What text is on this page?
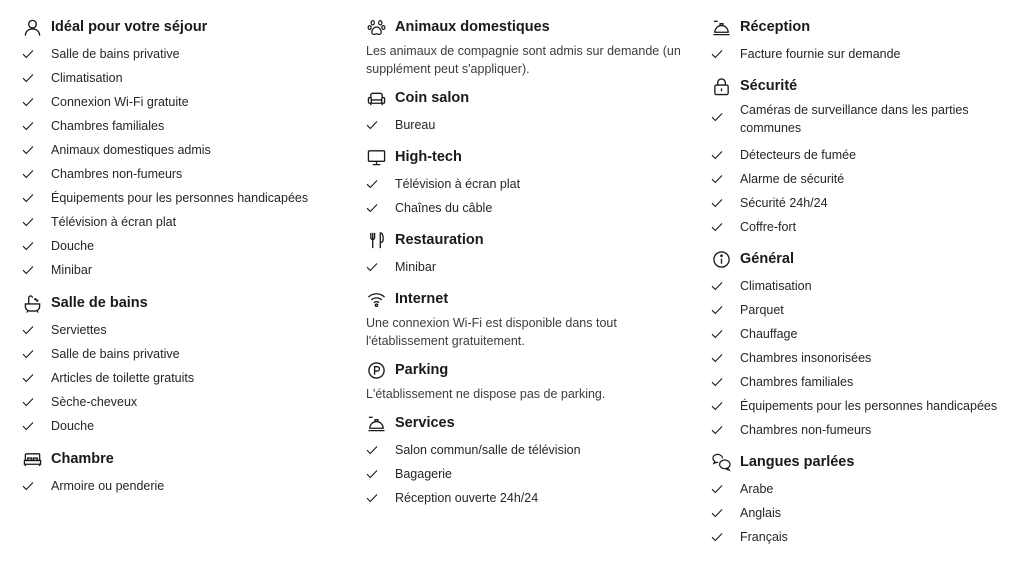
Idéal pour votre séjour
Salle de bains privative
Climatisation
Connexion Wi-Fi gratuite
Chambres familiales
Animaux domestiques admis
Chambres non-fumeurs
Équipements pour les personnes handicapées
Télévision à écran plat
Douche
Minibar
Salle de bains
Serviettes
Salle de bains privative
Articles de toilette gratuits
Sèche-cheveux
Douche
Chambre
Armoire ou penderie
Animaux domestiques

Les animaux de compagnie sont admis sur demande (un supplément peut s'appliquer).

Coin salon
Bureau
High-tech
Télévision à écran plat
Chaînes du câble
Restauration
Minibar
Internet

Une connexion Wi-Fi est disponible dans tout l'établissement gratuitement.

Parking

L'établissement ne dispose pas de parking.

Services
Salon commun/salle de télévision
Bagagerie
Réception ouverte 24h/24
Réception
Facture fournie sur demande
Sécurité
Caméras de surveillance dans les parties communes
Détecteurs de fumée
Alarme de sécurité
Sécurité 24h/24
Coffre-fort
Général
Climatisation
Parquet
Chauffage
Chambres insonorisées
Chambres familiales
Équipements pour les personnes handicapées
Chambres non-fumeurs
Langues parlées
Arabe
Anglais
Français
